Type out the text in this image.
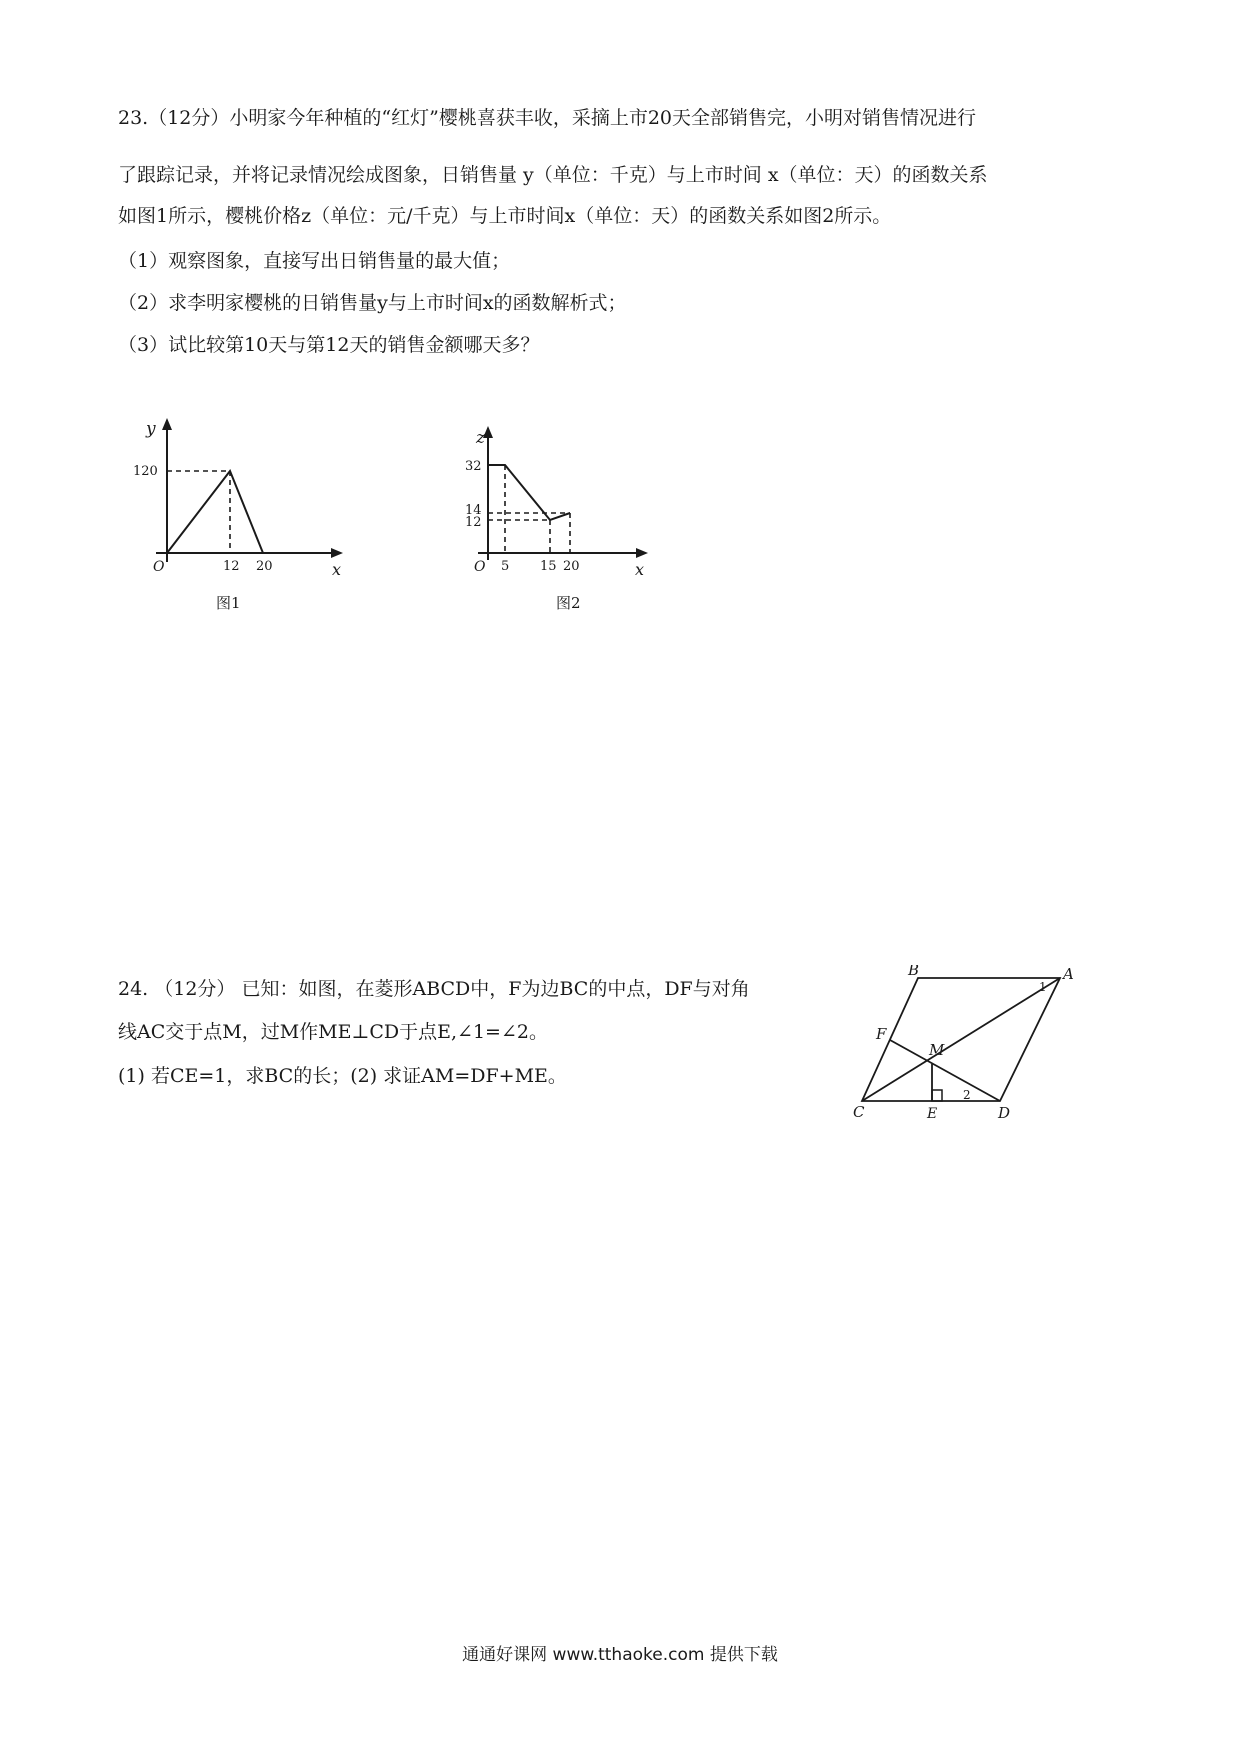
23.（12分）小明家今年种植的“红灯”樱桃喜获丰收，采摘上市20天全部销售完，小明对销售情况进行
了跟踪记录，并将记录情况绘成图象，日销售量 y（单位：千克）与上市时间 x（单位：天）的函数关系
如图1所示，樱桃价格z（单位：元/千克）与上市时间x（单位：天）的函数关系如图2所示。
（1）观察图象，直接写出日销售量的最大值；
（2）求李明家樱桃的日销售量y与上市时间x的函数解析式；
（3）试比较第10天与第12天的销售金额哪天多？
y
x
O
120
12 20
图1
z
x
O
32
14
12
5 15 20
图2
24. （12分） 已知：如图，在菱形ABCD中，F为边BC的中点，DF与对角
线AC交于点M，过M作ME⊥CD于点E,∠1=∠2。
(1) 若CE=1，求BC的长；(2) 求证AM=DF+ME。
B	A
C	D
E
F
M
1
2
通通好课网 www.tthaoke.com 提供下载
